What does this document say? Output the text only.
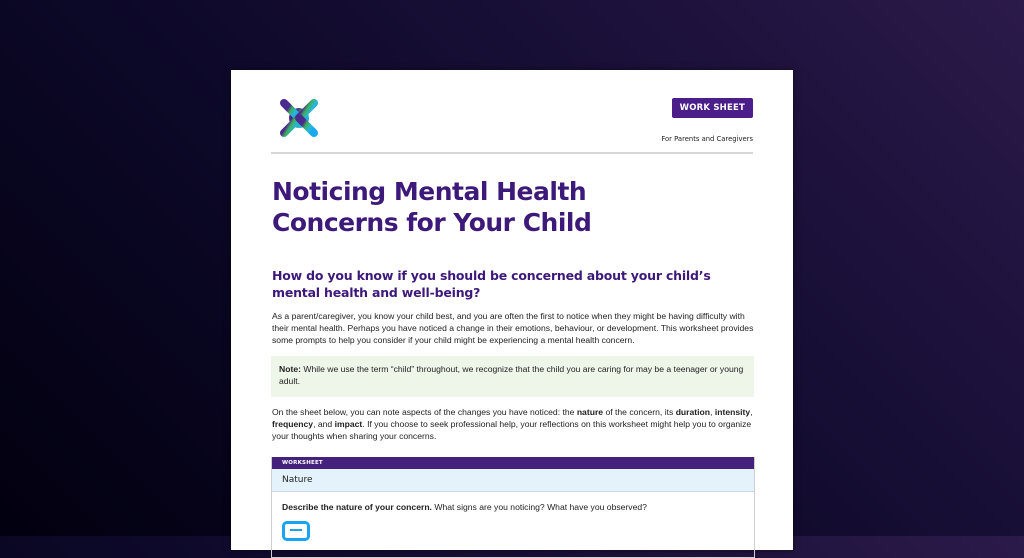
WORK SHEET
For Parents and Caregivers
Noticing Mental Health Concerns for Your Child
How do you know if you should be concerned about your child’s mental health and well-being?

As a parent/caregiver, you know your child best, and you are often the first to notice when they might be having difficulty with their mental health. Perhaps you have noticed a change in their emotions, behaviour, or development. This worksheet provides some prompts to help you consider if your child might be experiencing a mental health concern.

Note: While we use the term “child” throughout, we recognize that the child you are caring for may be a teenager or young adult.

On the sheet below, you can note aspects of the changes you have noticed: the nature of the concern, its duration, intensity, frequency, and impact. If you choose to seek professional help, your reflections on this worksheet might help you to organize your thoughts when sharing your concerns.

WORKSHEET
Nature
Describe the nature of your concern. What signs are you noticing? What have you observed?
